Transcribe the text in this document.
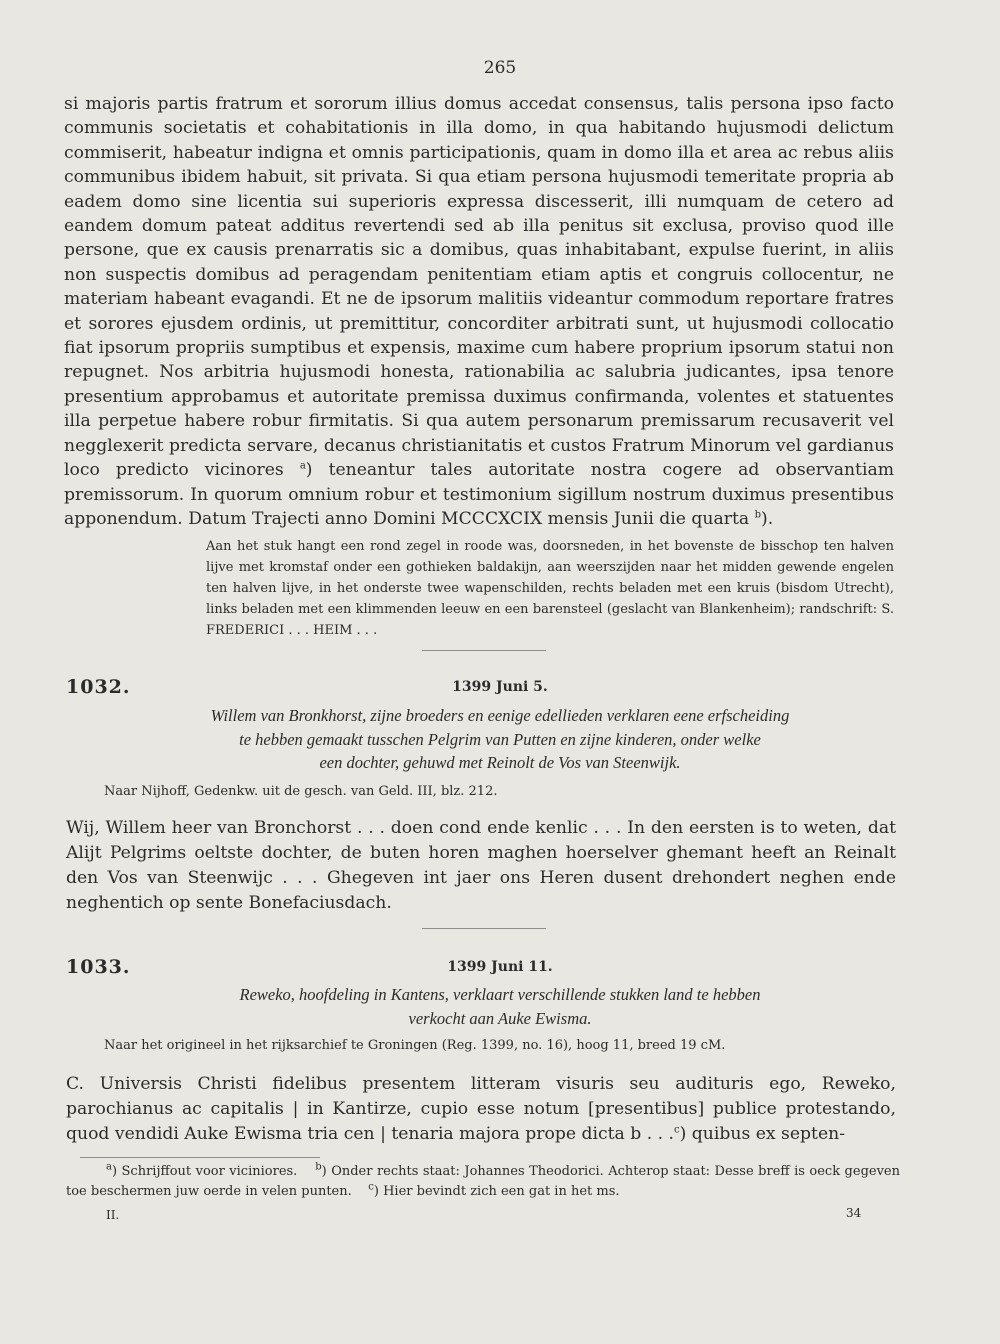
265
si majoris partis fratrum et sororum illius domus accedat consensus, talis persona ipso facto communis societatis et cohabitationis in illa domo, in qua habitando hujusmodi delictum commiserit, habeatur indigna et omnis participationis, quam in domo illa et area ac rebus aliis communibus ibidem habuit, sit privata. Si qua etiam persona hujusmodi temeritate propria ab eadem domo sine licentia sui superioris expressa discesserit, illi numquam de cetero ad eandem domum pateat additus revertendi sed ab illa penitus sit exclusa, proviso quod ille persone, que ex causis prenarratis sic a domibus, quas inhabitabant, expulse fuerint, in aliis non suspectis domibus ad peragendam penitentiam etiam aptis et congruis collocentur, ne materiam habeant evagandi. Et ne de ipsorum malitiis videantur commodum reportare fratres et sorores ejusdem ordinis, ut premittitur, concorditer arbitrati sunt, ut hujusmodi collocatio fiat ipsorum propriis sumptibus et expensis, maxime cum habere proprium ipsorum statui non repugnet. Nos arbitria hujusmodi honesta, rationabilia ac salubria judicantes, ipsa tenore presentium approbamus et autoritate premissa duximus confirmanda, volentes et statuentes illa perpetue habere robur firmitatis. Si qua autem personarum premissarum recusaverit vel negglexerit predicta servare, decanus christianitatis et custos Fratrum Minorum vel gardianus loco predicto vicinores $^a$) teneantur tales autoritate nostra cogere ad observantiam premissorum. In quorum omnium robur et testimonium sigillum nostrum duximus presentibus apponendum. Datum Trajecti anno Domini MCCCXCIX mensis Junii die quarta $^b$).
Aan het stuk hangt een rond zegel in roode was, doorsneden, in het bovenste de bisschop ten halven lijve met kromstaf onder een gothieken baldakijn, aan weerszijden naar het midden gewende engelen ten halven lijve, in het onderste twee wapenschilden, rechts beladen met een kruis (bisdom Utrecht), links beladen met een klimmenden leeuw en een barensteel (geslacht van Blankenheim); randschrift: S. FREDERICI . . . HEIM . . .
1032.	1399 Juni 5.
Willem van Bronkhorst, zijne broeders en eenige edellieden verklaren eene erfscheiding
te hebben gemaakt tusschen Pelgrim van Putten en zijne kinderen, onder welke
een dochter, gehuwd met Reinolt de Vos van Steenwijk.
Naar Nijhoff, Gedenkw. uit de gesch. van Geld. III, blz. 212.
Wij, Willem heer van Bronchorst . . . doen cond ende kenlic . . . In den eersten is to weten, dat Alijt Pelgrims oeltste dochter, de buten horen maghen hoerselver ghemant heeft an Reinalt den Vos van Steenwijc . . . Ghegeven int jaer ons Heren dusent drehondert neghen ende neghentich op sente Bonefaciusdach.
1033.	1399 Juni 11.
Reweko, hoofdeling in Kantens, verklaart verschillende stukken land te hebben
verkocht aan Auke Ewisma.
Naar het origineel in het rijksarchief te Groningen (Reg. 1399, no. 16), hoog 11, breed 19 cM.
C. Universis Christi fidelibus presentem litteram visuris seu audituris ego, Reweko, parochianus ac capitalis | in Kantirze, cupio esse notum [presentibus] publice protestando, quod vendidi Auke Ewisma tria cen | tenaria majora prope dicta b . . .$^c$) quibus ex septen-
$^a$) Schrijffout voor viciniores. $^b$) Onder rechts staat: Johannes Theodorici. Achterop staat: Desse breff is oeck gegeven toe beschermen juw oerde in velen punten. $^c$) Hier bevindt zich een gat in het ms.
II.	34
